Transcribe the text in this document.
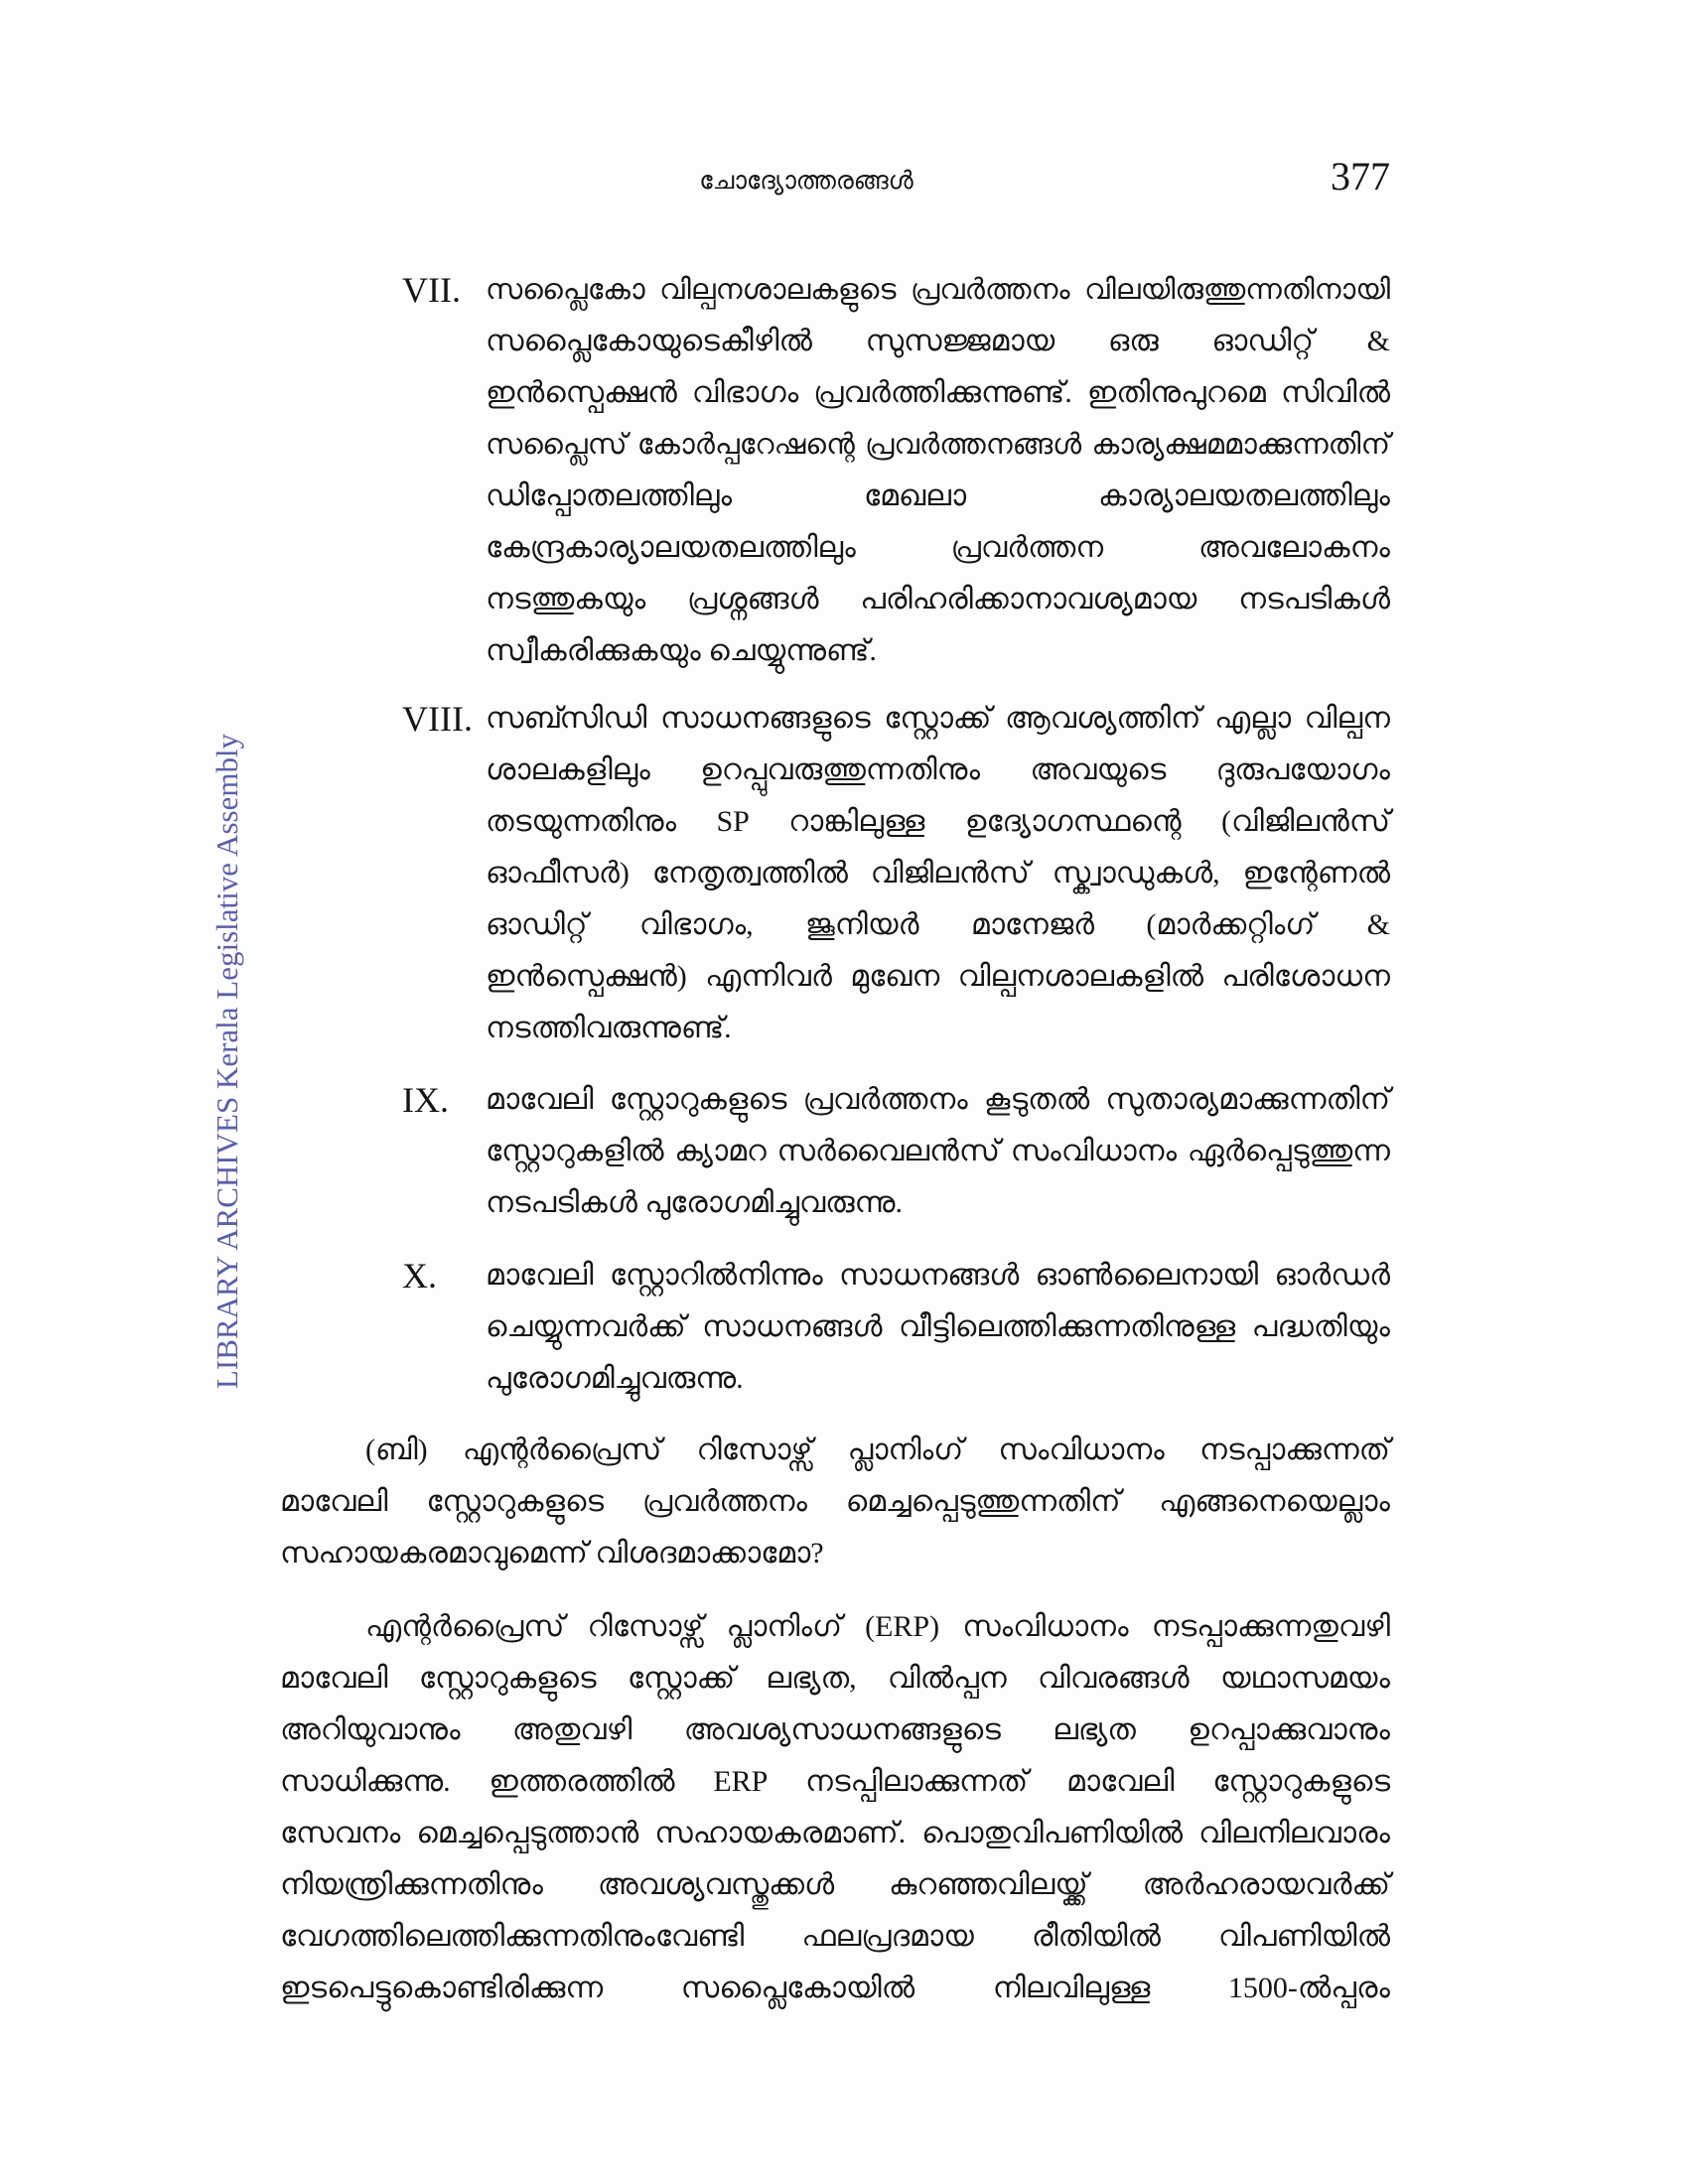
ചോദ്യോത്തരങ്ങൾ	377
LIBRARY ARCHIVES Kerala Legislative Assembly
VII. സപ്ലൈകോ വില്പനശാലകളുടെ പ്രവർത്തനം വിലയിരുത്തുന്നതിനായി
സപ്ലൈകോയുടെകീഴിൽ സുസജ്ജമായ ഒരു ഓഡിറ്റ് &
ഇൻസ്പെക്ഷൻ വിഭാഗം പ്രവർത്തിക്കുന്നുണ്ട്. ഇതിനുപുറമെ സിവിൽ
സപ്ലൈസ് കോർപ്പറേഷന്റെ പ്രവർത്തനങ്ങൾ കാര്യക്ഷമമാക്കുന്നതിന്
ഡിപ്പോതലത്തിലും മേഖലാ കാര്യാലയതലത്തിലും
കേന്ദ്രകാര്യാലയതലത്തിലും പ്രവർത്തന അവലോകനം
നടത്തുകയും പ്രശ്നങ്ങൾ പരിഹരിക്കാനാവശ്യമായ നടപടികൾ
സ്വീകരിക്കുകയും ചെയ്യുന്നുണ്ട്.
VIII. സബ്സിഡി സാധനങ്ങളുടെ സ്റ്റോക്ക് ആവശ്യത്തിന് എല്ലാ വില്പന
ശാലകളിലും ഉറപ്പുവരുത്തുന്നതിനും അവയുടെ ദുരുപയോഗം
തടയുന്നതിനും SP റാങ്കിലുള്ള ഉദ്യോഗസ്ഥന്റെ (വിജിലൻസ്
ഓഫീസർ) നേതൃത്വത്തിൽ വിജിലൻസ് സ്ക്വാഡുകൾ, ഇന്റേണൽ
ഓഡിറ്റ് വിഭാഗം, ജൂനിയർ മാനേജർ (മാർക്കറ്റിംഗ് &
ഇൻസ്പെക്ഷൻ) എന്നിവർ മുഖേന വില്പനശാലകളിൽ പരിശോധന
നടത്തിവരുന്നുണ്ട്.
IX. മാവേലി സ്റ്റോറുകളുടെ പ്രവർത്തനം കൂടുതൽ സുതാര്യമാക്കുന്നതിന്
സ്റ്റോറുകളിൽ ക്യാമറ സർവൈലൻസ് സംവിധാനം ഏർപ്പെടുത്തുന്ന
നടപടികൾ പുരോഗമിച്ചുവരുന്നു.
X. മാവേലി സ്റ്റോറിൽനിന്നും സാധനങ്ങൾ ഓൺലൈനായി ഓർഡർ
ചെയ്യുന്നവർക്ക് സാധനങ്ങൾ വീട്ടിലെത്തിക്കുന്നതിനുള്ള പദ്ധതിയും
പുരോഗമിച്ചുവരുന്നു.
(ബി) എന്റർപ്രൈസ് റിസോഴ്സ് പ്ലാനിംഗ് സംവിധാനം നടപ്പാക്കുന്നത്
മാവേലി സ്റ്റോറുകളുടെ പ്രവർത്തനം മെച്ചപ്പെടുത്തുന്നതിന് എങ്ങനെയെല്ലാം
സഹായകരമാവുമെന്ന് വിശദമാക്കാമോ?
എന്റർപ്രൈസ് റിസോഴ്സ് പ്ലാനിംഗ് (ERP) സംവിധാനം നടപ്പാക്കുന്നതുവഴി
മാവേലി സ്റ്റോറുകളുടെ സ്റ്റോക്ക് ലഭ്യത, വിൽപ്പന വിവരങ്ങൾ യഥാസമയം
അറിയുവാനും അതുവഴി അവശ്യസാധനങ്ങളുടെ ലഭ്യത ഉറപ്പാക്കുവാനും
സാധിക്കുന്നു. ഇത്തരത്തിൽ ERP നടപ്പിലാക്കുന്നത് മാവേലി സ്റ്റോറുകളുടെ
സേവനം മെച്ചപ്പെടുത്താൻ സഹായകരമാണ്. പൊതുവിപണിയിൽ വിലനിലവാരം
നിയന്ത്രിക്കുന്നതിനും അവശ്യവസ്തുക്കൾ കുറഞ്ഞവിലയ്ക്ക് അർഹരായവർക്ക്
വേഗത്തിലെത്തിക്കുന്നതിനുംവേണ്ടി ഫലപ്രദമായ രീതിയിൽ വിപണിയിൽ
ഇടപെട്ടുകൊണ്ടിരിക്കുന്ന സപ്ലൈകോയിൽ നിലവിലുള്ള 1500-ൽപ്പരം
